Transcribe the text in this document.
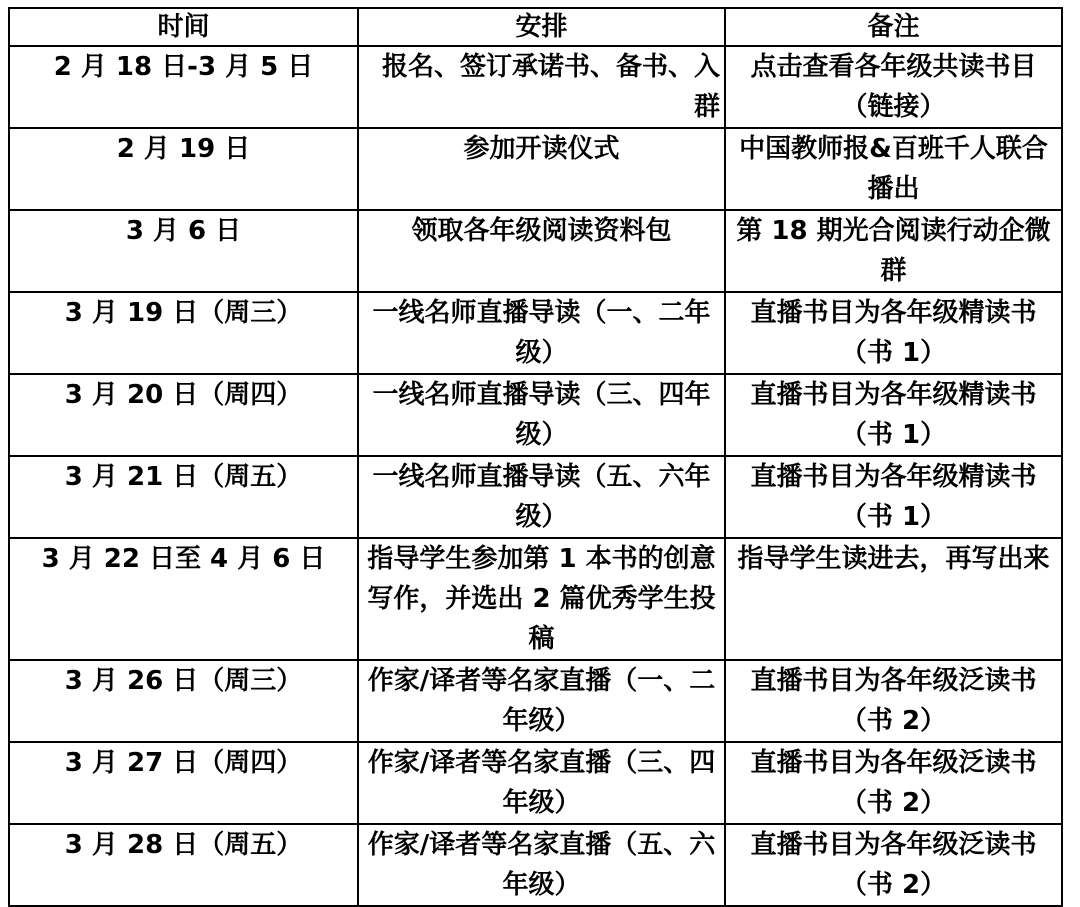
时间	安排	备注
2 月 18 日-3 月 5 日	报名、签订承诺书、备书、入群	点击查看各年级共读书目（链接）
2 月 19 日	参加开读仪式	中国教师报&百班千人联合播出
3 月 6 日	领取各年级阅读资料包	第 18 期光合阅读行动企微群
3 月 19 日（周三）	一线名师直播导读（一、二年级）	直播书目为各年级精读书（书 1）
3 月 20 日（周四）	一线名师直播导读（三、四年级）	直播书目为各年级精读书（书 1）
3 月 21 日（周五）	一线名师直播导读（五、六年级）	直播书目为各年级精读书（书 1）
3 月 22 日至 4 月 6 日	指导学生参加第 1 本书的创意写作，并选出 2 篇优秀学生投稿	指导学生读进去，再写出来
3 月 26 日（周三）	作家/译者等名家直播（一、二年级）	直播书目为各年级泛读书（书 2）
3 月 27 日（周四）	作家/译者等名家直播（三、四年级）	直播书目为各年级泛读书（书 2）
3 月 28 日（周五）	作家/译者等名家直播（五、六年级）	直播书目为各年级泛读书（书 2）
